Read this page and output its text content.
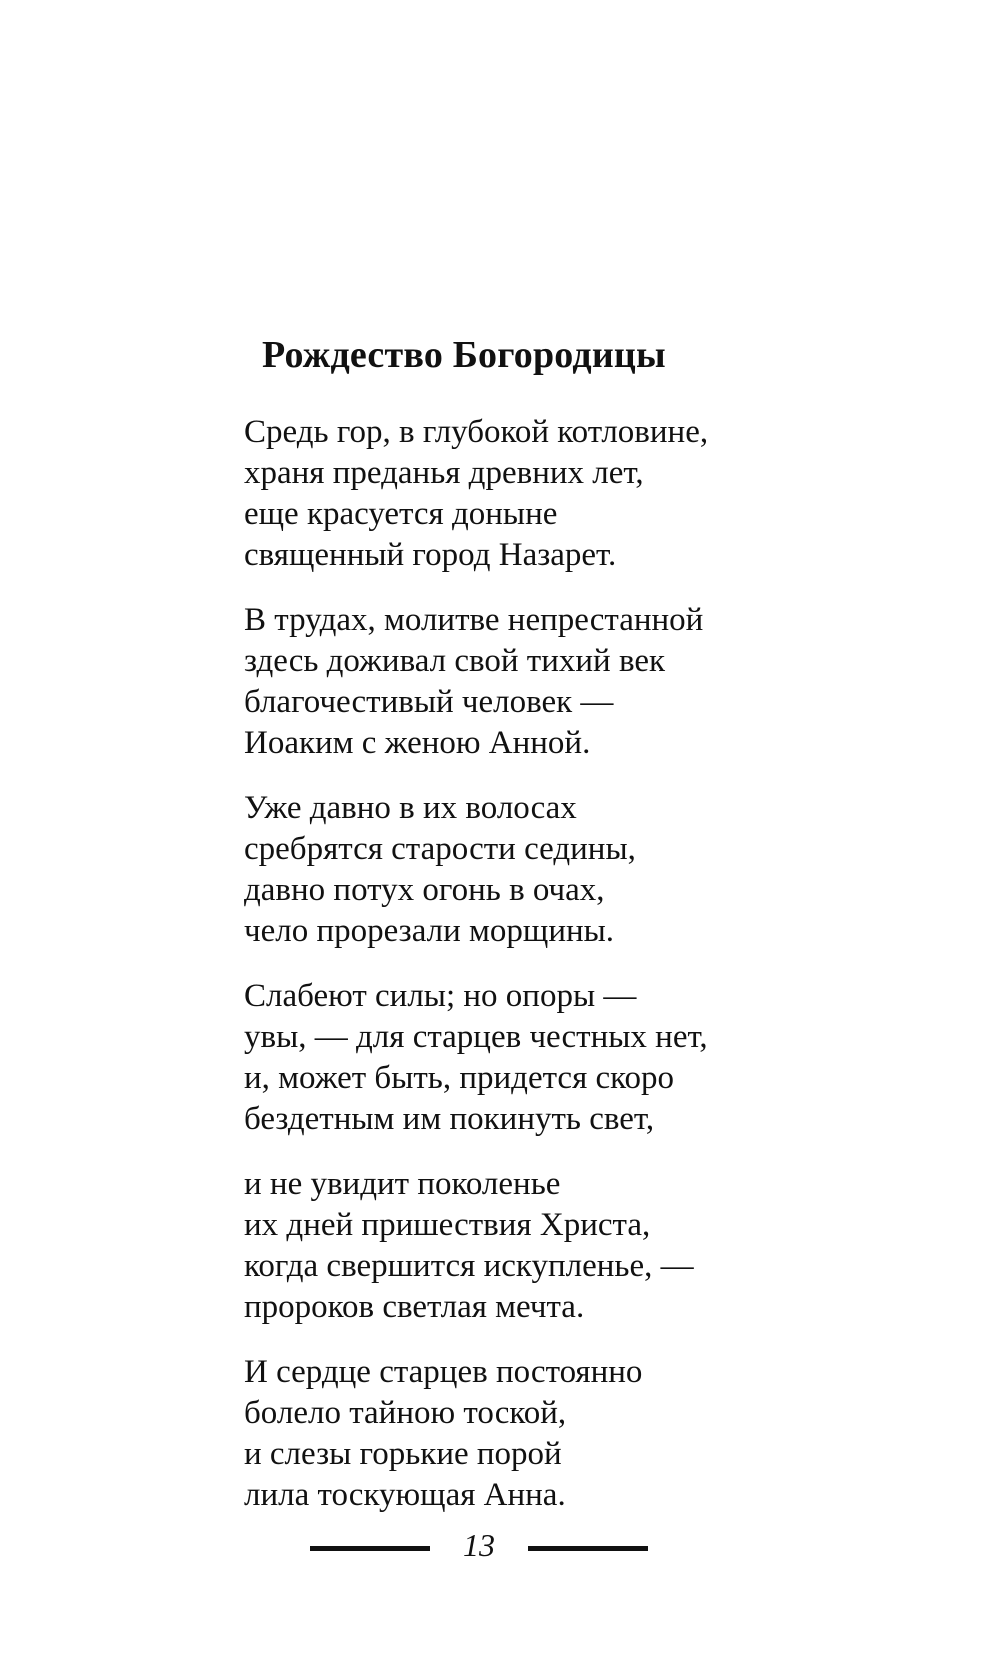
Рождество Богородицы
Средь гор, в глубокой котловине,
храня преданья древних лет,
еще красуется доныне
священный город Назарет.
В трудах, молитве непрестанной
здесь доживал свой тихий век
благочестивый человек —
Иоаким с женою Анной.
Уже давно в их волосах
сребрятся старости седины,
давно потух огонь в очах,
чело прорезали морщины.
Слабеют силы; но опоры —
увы, — для старцев честных нет,
и, может быть, придется скоро
бездетным им покинуть свет,
и не увидит поколенье
их дней пришествия Христа,
когда свершится искупленье, —
пророков светлая мечта.
И сердце старцев постоянно
болело тайною тоской,
и слезы горькие порой
лила тоскующая Анна.
13
